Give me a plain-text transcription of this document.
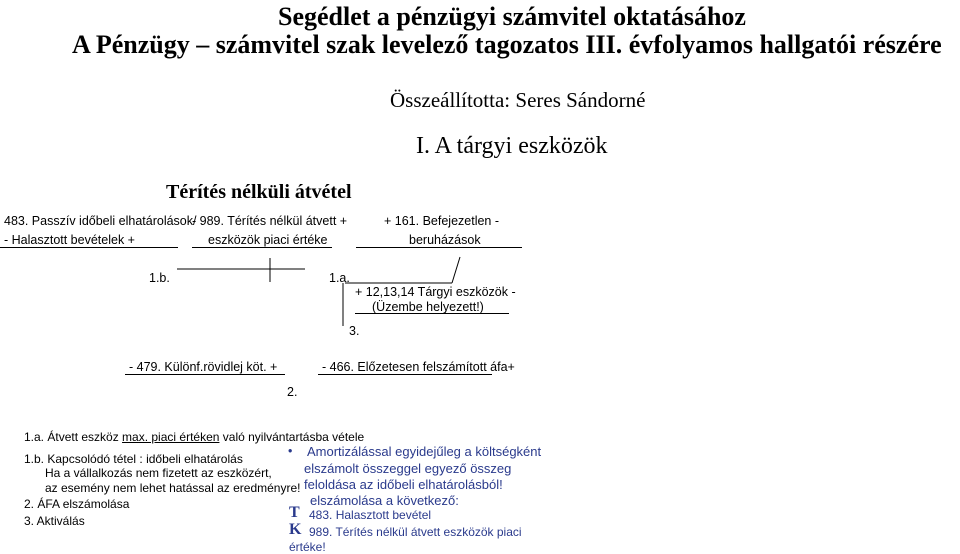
Segédlet a pénzügyi számvitel oktatásához
A Pénzügy – számvitel szak levelező tagozatos III. évfolyamos hallgatói részére
Összeállította: Seres Sándorné
I. A tárgyi eszközök
Térítés nélküli átvétel
483. Passzív időbeli elhatárolások/
- Halasztott bevételek +
- 989. Térítés nélkül átvett +
eszközök piaci értéke
+ 161. Befejezetlen -
beruházások
+ 12,13,14 Tárgyi eszközök -
(Üzembe helyezett!)
- 479. Különf.rövidlej köt. +	- 466. Előzetesen felszámított áfa+
1.b.	1.a.
3.
2.
1.a. Átvett eszköz max. piaci értéken való nyilvántartásba vétele
1.b. Kapcsolódó tétel : időbeli elhatárolás
Ha a vállalkozás nem fizetett az eszközért,
az esemény nem lehet hatással az eredményre!
2. ÁFA elszámolása
3. Aktiválás
• Amortizálással egyidejűleg a költségként
elszámolt összeggel egyező összeg
feloldása az időbeli elhatárolásból!
elszámolása a következő:
T 483. Halasztott bevétel
K 989. Térítés nélkül átvett eszközök piaci
értéke!
